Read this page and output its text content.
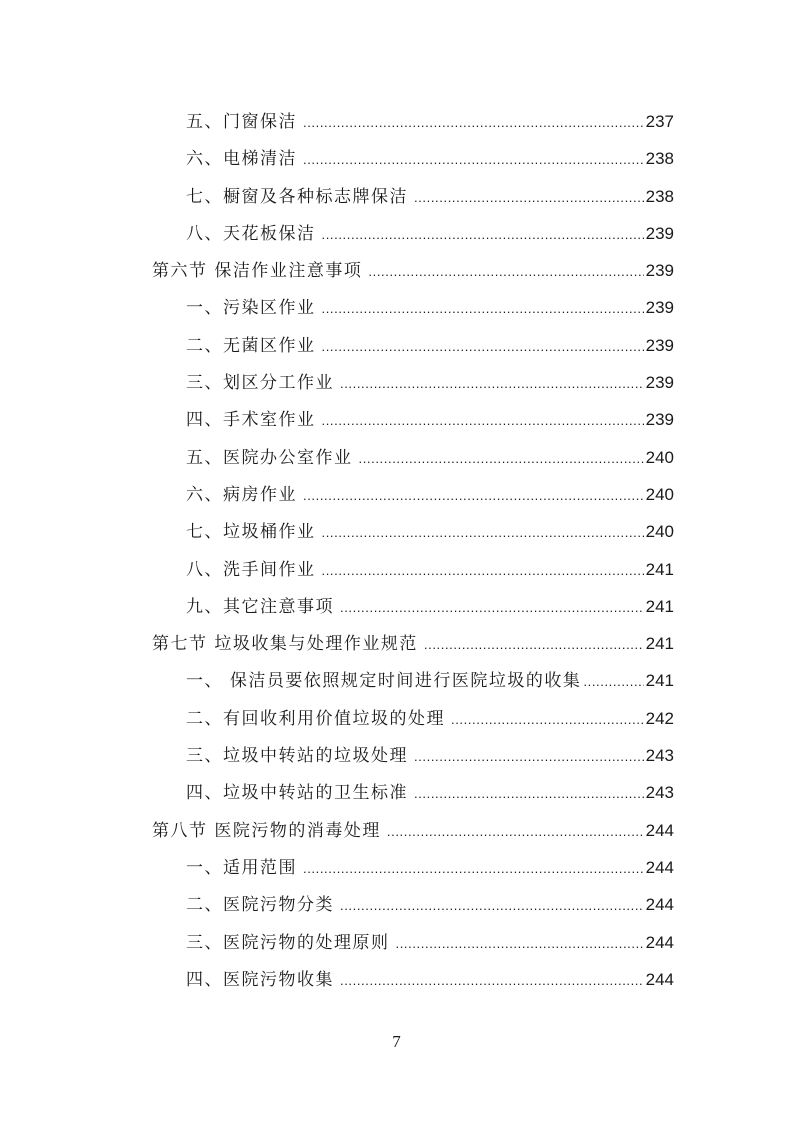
五、门窗保洁 .....	237
六、电梯清洁 .....	238
七、橱窗及各种标志牌保洁 .....	238
八、天花板保洁 .....	239
第六节 保洁作业注意事项 .....	239
一、污染区作业 .....	239
二、无菌区作业 .....	239
三、划区分工作业 .....	239
四、手术室作业 .....	239
五、医院办公室作业 .....	240
六、病房作业 .....	240
七、垃圾桶作业 .....	240
八、洗手间作业 .....	241
九、其它注意事项 .....	241
第七节 垃圾收集与处理作业规范 .....	241
一、 保洁员要依照规定时间进行医院垃圾的收集 .....	241
二、有回收利用价值垃圾的处理 .....	242
三、垃圾中转站的垃圾处理 .....	243
四、垃圾中转站的卫生标准 .....	243
第八节 医院污物的消毒处理 .....	244
一、适用范围 .....	244
二、医院污物分类 .....	244
三、医院污物的处理原则 .....	244
四、医院污物收集 .....	244
7
